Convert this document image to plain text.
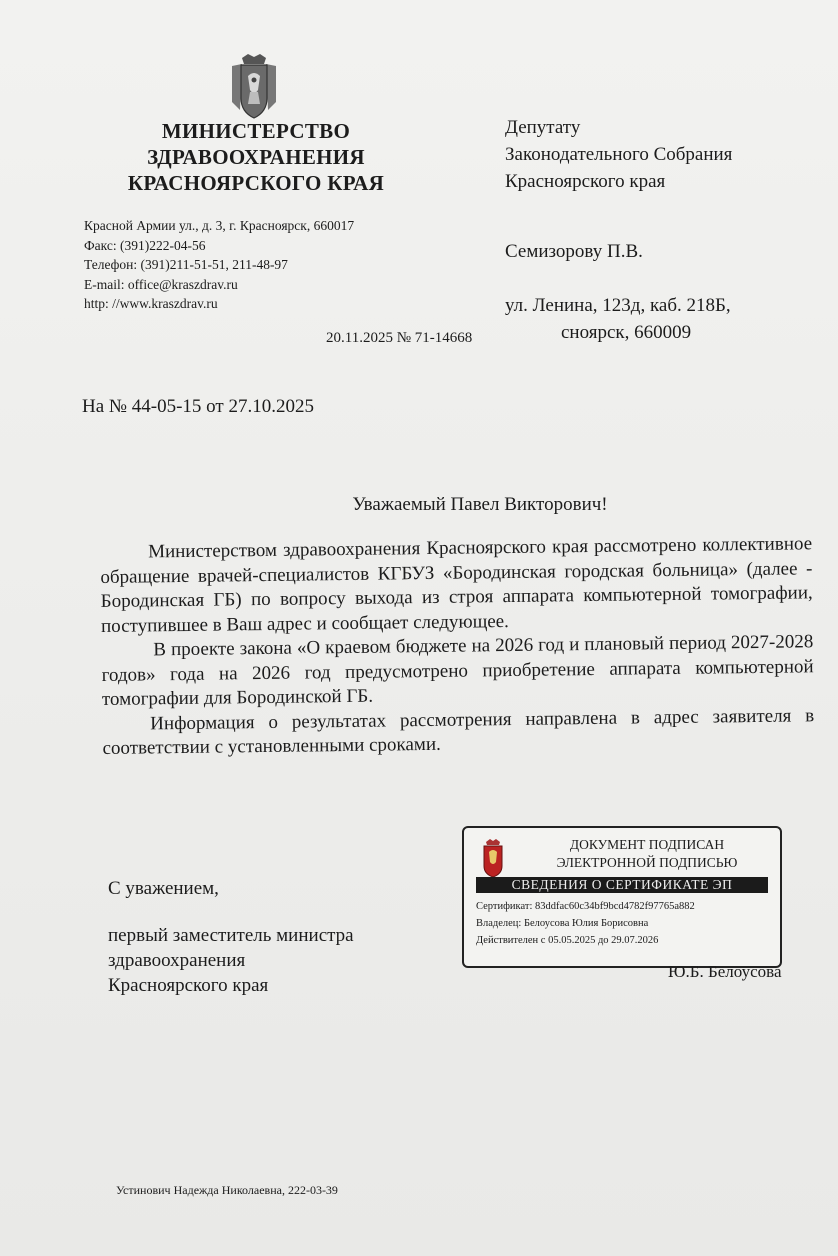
МИНИСТЕРСТВО
ЗДРАВООХРАНЕНИЯ
КРАСНОЯРСКОГО КРАЯ
Красной Армии ул., д. 3, г. Красноярск, 660017
Факс: (391)222-04-56
Телефон: (391)211-51-51, 211-48-97
E-mail: office@kraszdrav.ru
http: //www.kraszdrav.ru
Депутату
Законодательного Собрания
Красноярского края
Семизорову П.В.
ул. Ленина, 123д, каб. 218Б,
сноярск, 660009
20.11.2025 № 71-14668
На № 44-05-15 от 27.10.2025
Уважаемый Павел Викторович!

Министерством здравоохранения Красноярского края рассмотрено коллективное обращение врачей-специалистов КГБУЗ «Бородинская городская больница» (далее - Бородинская ГБ) по вопросу выхода из строя аппарата компьютерной томографии, поступившее в Ваш адрес и сообщает следующее.

В проекте закона «О краевом бюджете на 2026 год и плановый период 2027-2028 годов» года на 2026 год предусмотрено приобретение аппарата компьютерной томографии для Бородинской ГБ.

Информация о результатах рассмотрения направлена в адрес заявителя в соответствии с установленными сроками.

С уважением,
первый заместитель министра
здравоохранения
Красноярского края
ДОКУМЕНТ ПОДПИСАН
ЭЛЕКТРОННОЙ ПОДПИСЬЮ
СВЕДЕНИЯ О СЕРТИФИКАТЕ ЭП
Сертификат: 83ddfac60c34bf9bcd4782f97765a882
Владелец: Белоусова Юлия Борисовна
Действителен с 05.05.2025 до 29.07.2026
Ю.Б. Белоусова
Устинович Надежда Николаевна, 222-03-39
